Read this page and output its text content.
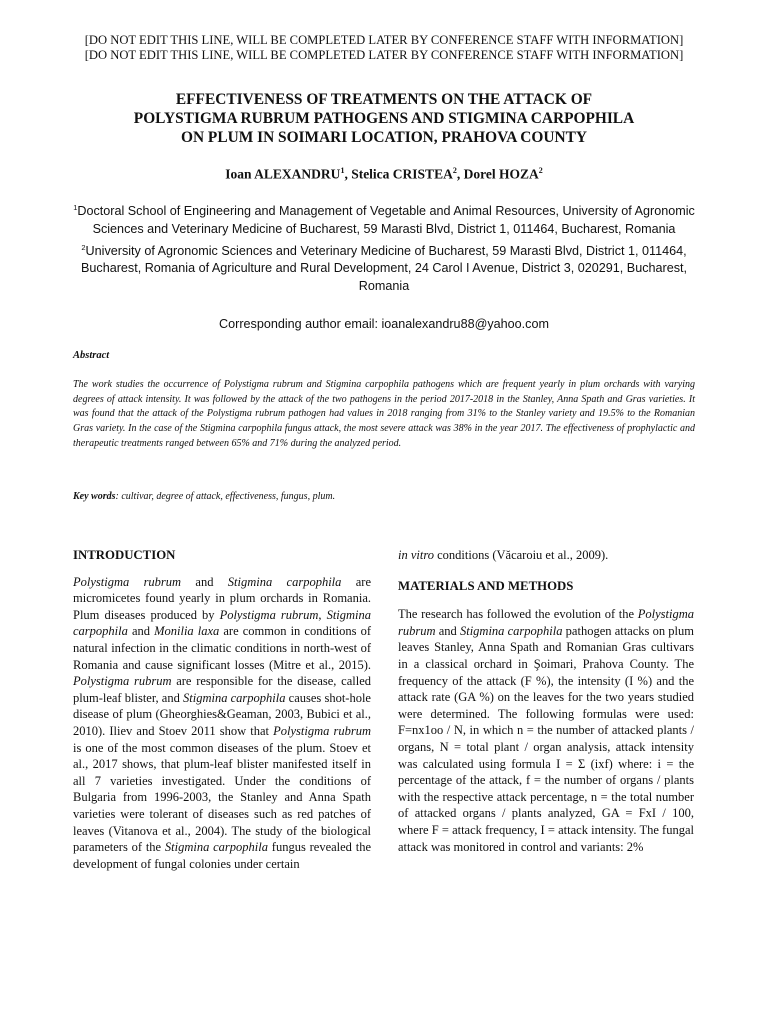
[DO NOT EDIT THIS LINE, WILL BE COMPLETED LATER BY CONFERENCE STAFF WITH INFORMATION]
[DO NOT EDIT THIS LINE, WILL BE COMPLETED LATER BY CONFERENCE STAFF WITH INFORMATION]
EFFECTIVENESS OF TREATMENTS ON THE ATTACK OF
POLYSTIGMA RUBRUM PATHOGENS AND STIGMINA CARPOPHILA
ON PLUM IN SOIMARI LOCATION, PRAHOVA COUNTY
Ioan ALEXANDRU$^1$, Stelica CRISTEA$^2$, Dorel HOZA$^2$

$^1$Doctoral School of Engineering and Management of Vegetable and Animal Resources, University of Agronomic Sciences and Veterinary Medicine of Bucharest, 59 Marasti Blvd, District 1, 011464, Bucharest, Romania

$^2$University of Agronomic Sciences and Veterinary Medicine of Bucharest, 59 Marasti Blvd, District 1, 011464, Bucharest, Romania of Agriculture and Rural Development, 24 Carol I Avenue, District 3, 020291, Bucharest, Romania

Corresponding author email: ioanalexandru88@yahoo.com
Abstract
The work studies the occurrence of Polystigma rubrum and Stigmina carpophila pathogens which are frequent yearly in plum orchards with varying degrees of attack intensity. It was followed by the attack of the two pathogens in the period 2017-2018 in the Stanley, Anna Spath and Gras varieties. It was found that the attack of the Polystigma rubrum pathogen had values in 2018 ranging from 31% to the Stanley variety and 19.5% to the Romanian Gras variety. In the case of the Stigmina carpophila fungus attack, the most severe attack was 38% in the year 2017. The effectiveness of prophylactic and therapeutic treatments ranged between 65% and 71% during the analyzed period.
Key words: cultivar, degree of attack, effectiveness, fungus, plum.
INTRODUCTION

Polystigma rubrum and Stigmina carpophila are micromicetes found yearly in plum orchards in Romania. Plum diseases produced by Polystigma rubrum, Stigmina carpophila and Monilia laxa are common in conditions of natural infection in the climatic conditions in north-west of Romania and cause significant losses (Mitre et al., 2015). Polystigma rubrum are responsible for the disease, called plum-leaf blister, and Stigmina carpophila causes shot-hole disease of plum (Gheorghies&Geaman, 2003, Bubici et al., 2010). Iliev and Stoev 2011 show that Polystigma rubrum is one of the most common diseases of the plum. Stoev et al., 2017 shows, that plum-leaf blister manifested itself in all 7 varieties investigated. Under the conditions of Bulgaria from 1996-2003, the Stanley and Anna Spath varieties were tolerant of diseases such as red patches of leaves (Vitanova et al., 2004). The study of the biological parameters of the Stigmina carpophila fungus revealed the development of fungal colonies under certain

in vitro conditions (Văcaroiu et al., 2009).

MATERIALS AND METHODS

The research has followed the evolution of the Polystigma rubrum and Stigmina carpophila pathogen attacks on plum leaves Stanley, Anna Spath and Romanian Gras cultivars in a classical orchard in Şoimari, Prahova County. The frequency of the attack (F %), the intensity (I %) and the attack rate (GA %) on the leaves for the two years studied were determined. The following formulas were used: F=nx1oo / N, in which n = the number of attacked plants / organs, N = total plant / organ analysis, attack intensity was calculated using formula I = Σ (ixf) where: i = the percentage of the attack, f = the number of organs / plants with the respective attack percentage, n = the total number of attacked organs / plants analyzed, GA = FxI / 100, where F = attack frequency, I = attack intensity. The fungal attack was monitored in control and variants: 2%
